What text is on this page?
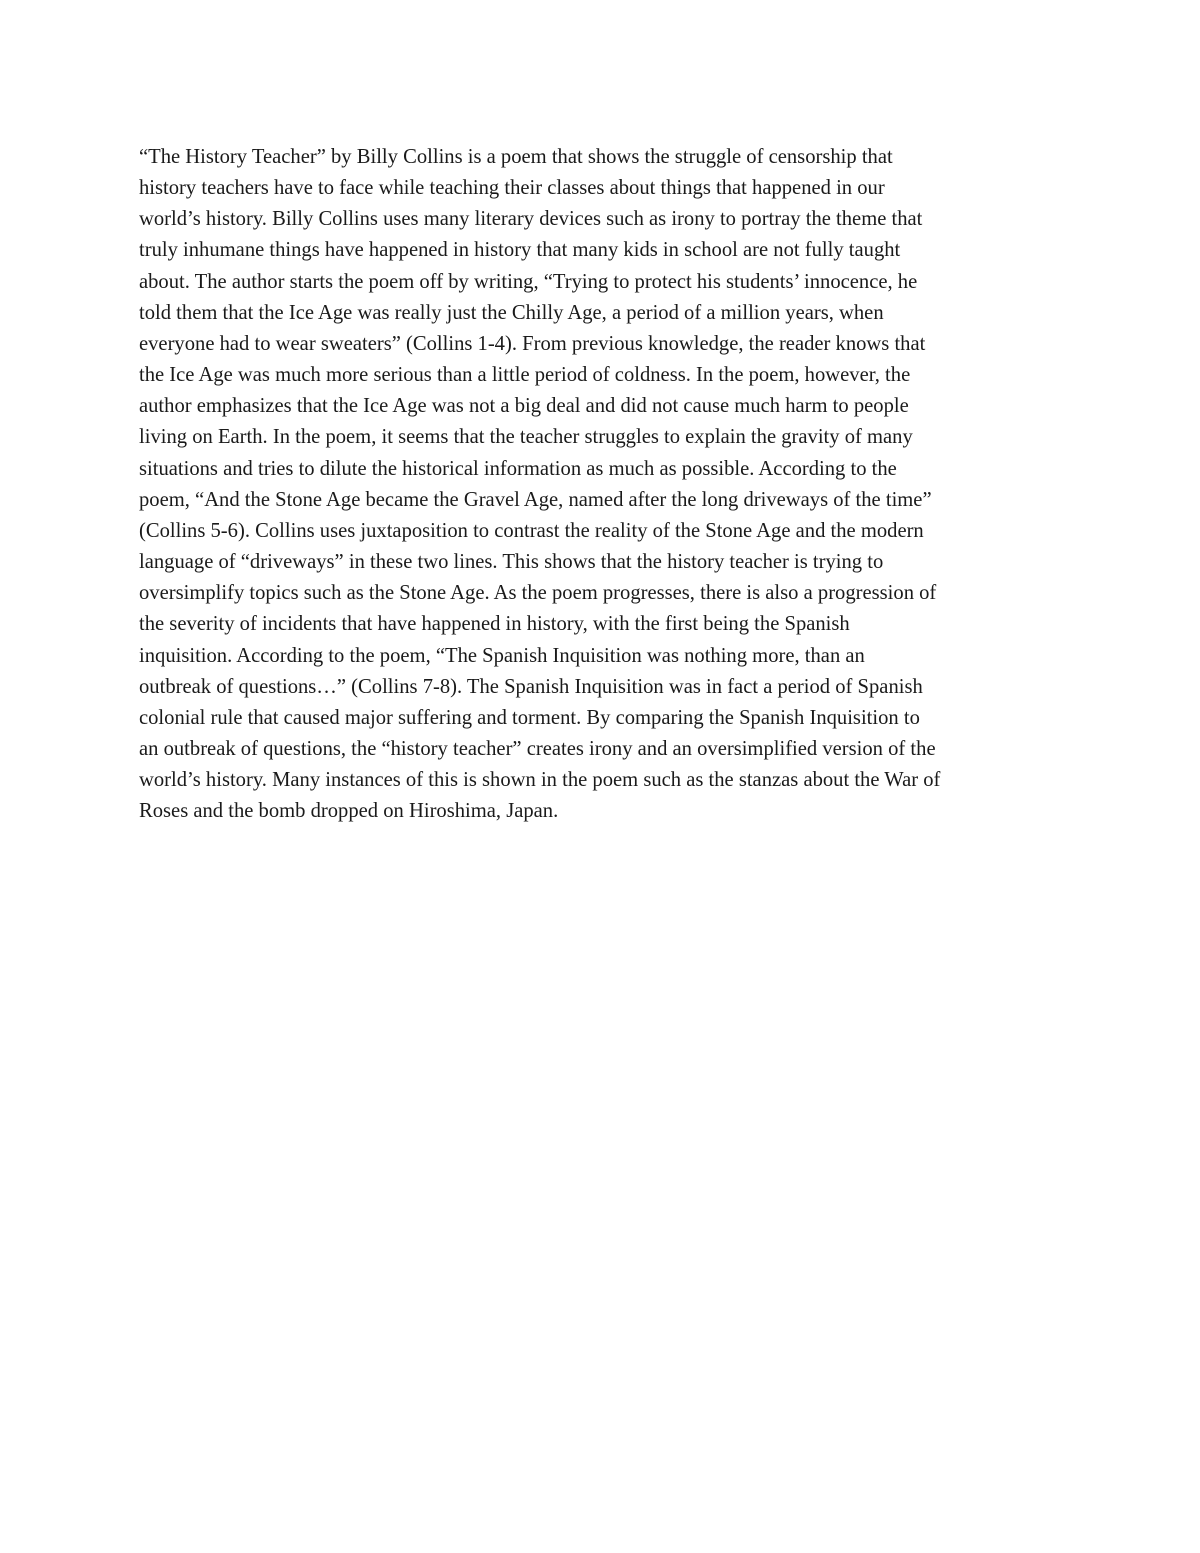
“The History Teacher” by Billy Collins is a poem that shows the struggle of censorship that
history teachers have to face while teaching their classes about things that happened in our
world’s history. Billy Collins uses many literary devices such as irony to portray the theme that
truly inhumane things have happened in history that many kids in school are not fully taught
about. The author starts the poem off by writing, “Trying to protect his students’ innocence, he
told them that the Ice Age was really just the Chilly Age, a period of a million years, when
everyone had to wear sweaters” (Collins 1-4). From previous knowledge, the reader knows that
the Ice Age was much more serious than a little period of coldness. In the poem, however, the
author emphasizes that the Ice Age was not a big deal and did not cause much harm to people
living on Earth. In the poem, it seems that the teacher struggles to explain the gravity of many
situations and tries to dilute the historical information as much as possible. According to the
poem, “And the Stone Age became the Gravel Age, named after the long driveways of the time”
(Collins 5-6). Collins uses juxtaposition to contrast the reality of the Stone Age and the modern
language of “driveways” in these two lines. This shows that the history teacher is trying to
oversimplify topics such as the Stone Age. As the poem progresses, there is also a progression of
the severity of incidents that have happened in history, with the first being the Spanish
inquisition. According to the poem, “The Spanish Inquisition was nothing more, than an
outbreak of questions…” (Collins 7-8). The Spanish Inquisition was in fact a period of Spanish
colonial rule that caused major suffering and torment. By comparing the Spanish Inquisition to
an outbreak of questions, the “history teacher” creates irony and an oversimplified version of the
world’s history. Many instances of this is shown in the poem such as the stanzas about the War of
Roses and the bomb dropped on Hiroshima, Japan.
